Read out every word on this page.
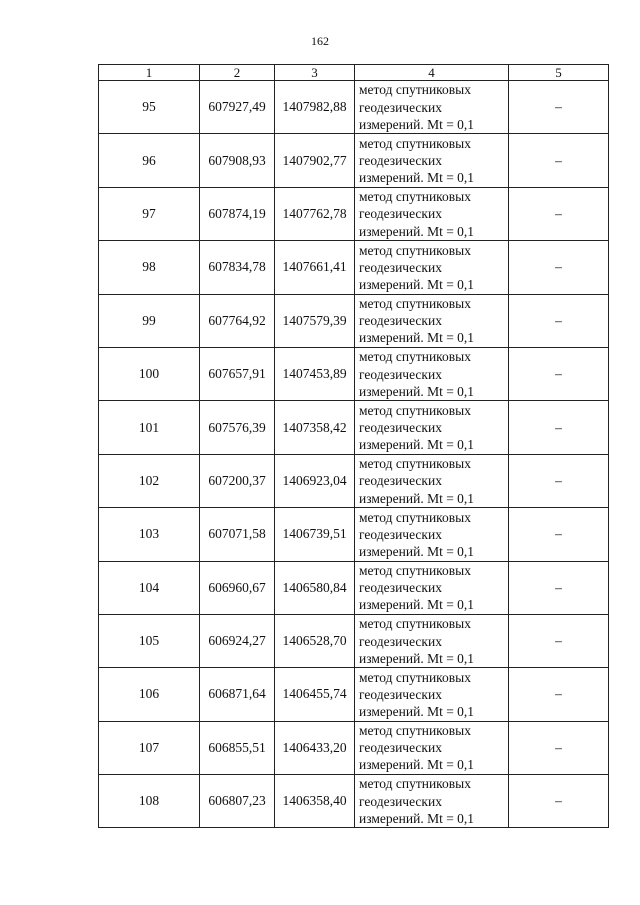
162
1	2	3	4	5
95	607927,49	1407982,88	метод спутниковых
геодезических
измерений. Mt = 0,1	–
96	607908,93	1407902,77	метод спутниковых
геодезических
измерений. Mt = 0,1	–
97	607874,19	1407762,78	метод спутниковых
геодезических
измерений. Mt = 0,1	–
98	607834,78	1407661,41	метод спутниковых
геодезических
измерений. Mt = 0,1	–
99	607764,92	1407579,39	метод спутниковых
геодезических
измерений. Mt = 0,1	–
100	607657,91	1407453,89	метод спутниковых
геодезических
измерений. Mt = 0,1	–
101	607576,39	1407358,42	метод спутниковых
геодезических
измерений. Mt = 0,1	–
102	607200,37	1406923,04	метод спутниковых
геодезических
измерений. Mt = 0,1	–
103	607071,58	1406739,51	метод спутниковых
геодезических
измерений. Mt = 0,1	–
104	606960,67	1406580,84	метод спутниковых
геодезических
измерений. Mt = 0,1	–
105	606924,27	1406528,70	метод спутниковых
геодезических
измерений. Mt = 0,1	–
106	606871,64	1406455,74	метод спутниковых
геодезических
измерений. Mt = 0,1	–
107	606855,51	1406433,20	метод спутниковых
геодезических
измерений. Mt = 0,1	–
108	606807,23	1406358,40	метод спутниковых
геодезических
измерений. Mt = 0,1	–
